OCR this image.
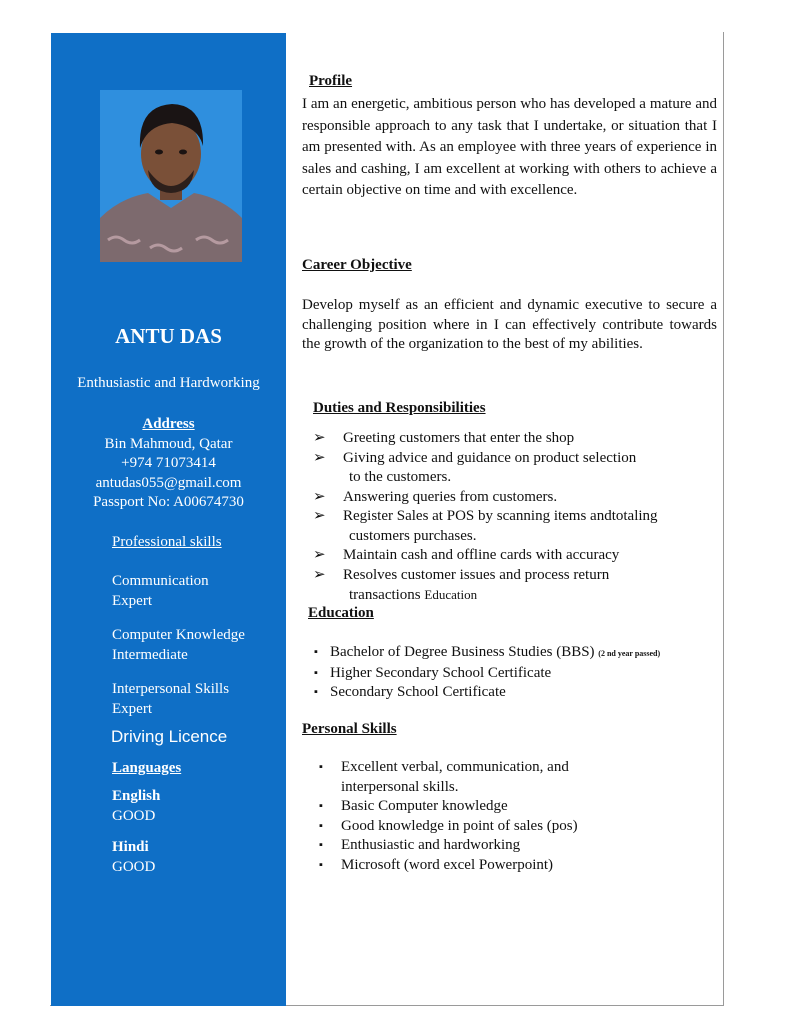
ANTU DAS
Enthusiastic and Hardworking
Address
Bin Mahmoud, Qatar
+974 71073414
antudas055@gmail.com
Passport No: A00674730
Professional skills
Communication
Expert
Computer Knowledge
Intermediate
Interpersonal Skills
Expert
Driving Licence
Languages
English
GOOD
Hindi
GOOD
Profile
I am an energetic, ambitious person who has developed a mature and responsible approach to any task that I undertake, or situation that I am presented with. As an employee with three years of experience in sales and cashing, I am excellent at working with others to achieve a certain objective on time and with excellence.
Career Objective
Develop myself as an efficient and dynamic executive to secure a challenging position where in I can effectively contribute towards the growth of the organization to the best of my abilities.
Duties and Responsibilities
➢ Greeting customers that enter the shop
➢ Giving advice and guidance on product selection
to the customers.
➢ Answering queries from customers.
➢ Register Sales at POS by scanning items andtotaling
customers purchases.
➢ Maintain cash and offline cards with accuracy
➢ Resolves customer issues and process return
transactions Education
Education
▪ Bachelor of Degree Business Studies (BBS) (2 nd year passed)
▪ Higher Secondary School Certificate
▪ Secondary School Certificate
Personal Skills
▪ Excellent verbal, communication, and
interpersonal skills.
▪ Basic Computer knowledge
▪ Good knowledge in point of sales (pos)
▪ Enthusiastic and hardworking
▪ Microsoft (word excel Powerpoint)
